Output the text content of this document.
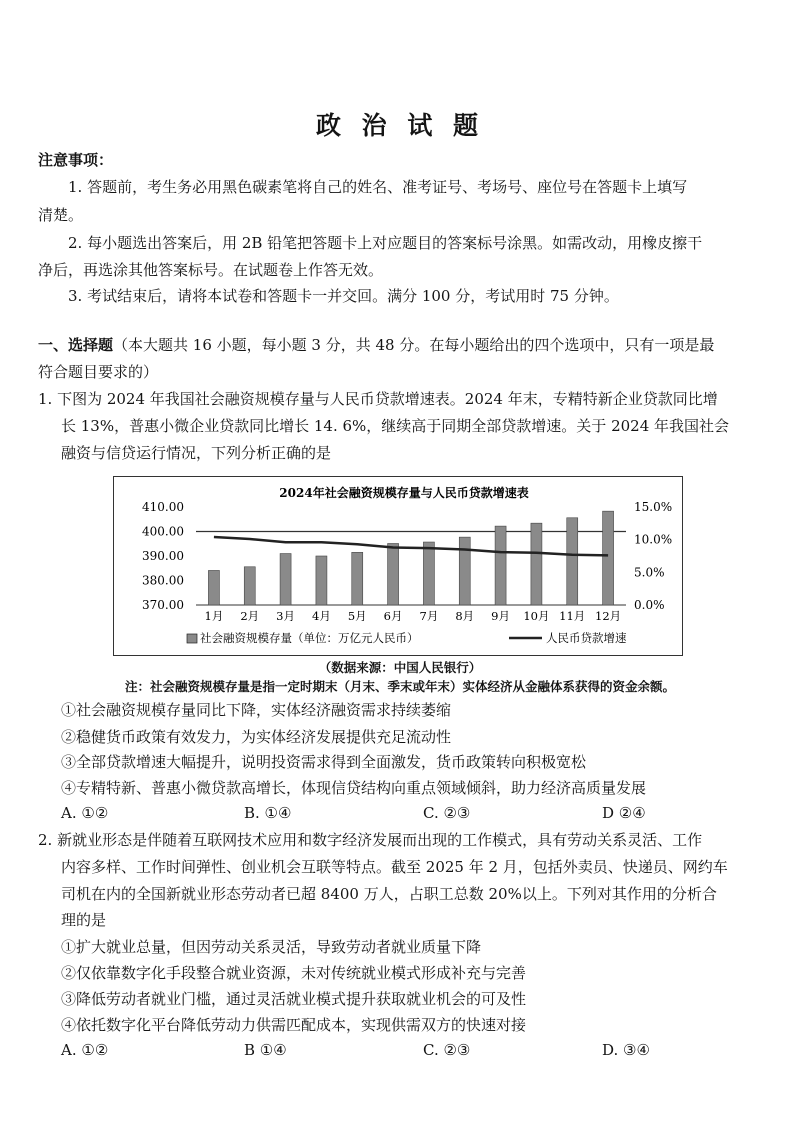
政 治 试 题
注意事项：
1. 答题前，考生务必用黑色碳素笔将自己的姓名、准考证号、考场号、座位号在答题卡上填写
清楚。
2. 每小题选出答案后，用 2B 铅笔把答题卡上对应题目的答案标号涂黑。如需改动，用橡皮擦干
净后，再选涂其他答案标号。在试题卷上作答无效。
3. 考试结束后，请将本试卷和答题卡一并交回。满分 100 分，考试用时 75 分钟。
一、选择题（本大题共 16 小题，每小题 3 分，共 48 分。在每小题给出的四个选项中，只有一项是最
符合题目要求的）
1. 下图为 2024 年我国社会融资规模存量与人民币贷款增速表。2024 年末，专精特新企业贷款同比增
长 13%，普惠小微企业贷款同比增长 14. 6%，继续高于同期全部贷款增速。关于 2024 年我国社会
融资与信贷运行情况，下列分析正确的是
2024年社会融资规模存量与人民币贷款增速表
410.00
400.00
390.00
380.00
370.00
15.0%
10.0%
5.0%
0.0%
1月 2月 3月 4月 5月 6月 7月 8月 9月 10月 11月 12月
社会融资规模存量（单位：万亿元人民币）	人民币贷款增速
（数据来源：中国人民银行）
注：社会融资规模存量是指一定时期末（月末、季末或年末）实体经济从金融体系获得的资金余额。
①社会融资规模存量同比下降，实体经济融资需求持续萎缩
②稳健货币政策有效发力，为实体经济发展提供充足流动性
③全部贷款增速大幅提升，说明投资需求得到全面激发，货币政策转向积极宽松
④专精特新、普惠小微贷款高增长，体现信贷结构向重点领域倾斜，助力经济高质量发展
A. ①②	B. ①④	C. ②③	D ②④
2. 新就业形态是伴随着互联网技术应用和数字经济发展而出现的工作模式，具有劳动关系灵活、工作
内容多样、工作时间弹性、创业机会互联等特点。截至 2025 年 2 月，包括外卖员、快递员、网约车
司机在内的全国新就业形态劳动者已超 8400 万人，占职工总数 20%以上。下列对其作用的分析合
理的是
①扩大就业总量，但因劳动关系灵活，导致劳动者就业质量下降
②仅依靠数字化手段整合就业资源，未对传统就业模式形成补充与完善
③降低劳动者就业门槛，通过灵活就业模式提升获取就业机会的可及性
④依托数字化平台降低劳动力供需匹配成本，实现供需双方的快速对接
A. ①②	B ①④	C. ②③	D. ③④
